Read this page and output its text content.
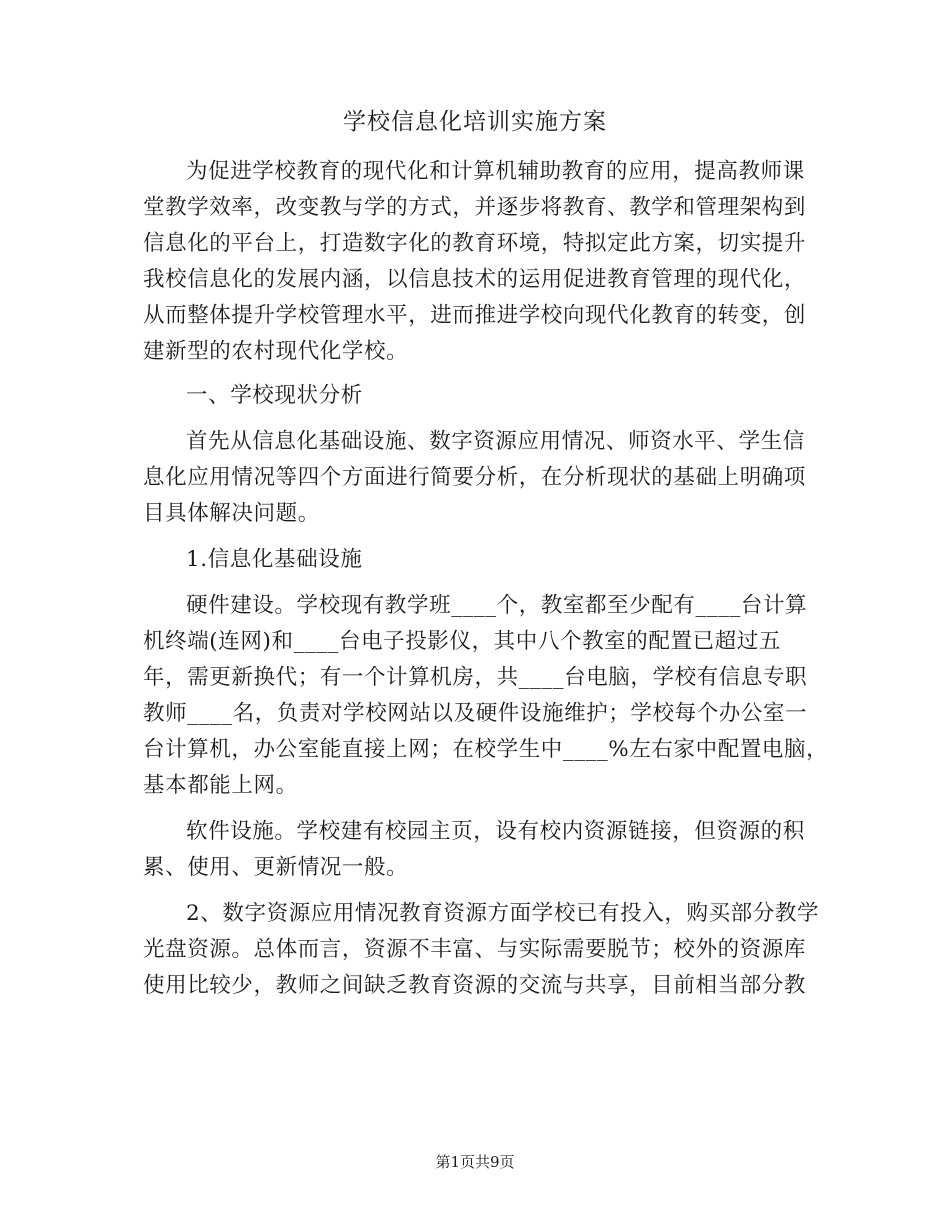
学校信息化培训实施方案

为促进学校教育的现代化和计算机辅助教育的应用，提高教师课

堂教学效率，改变教与学的方式，并逐步将教育、教学和管理架构到

信息化的平台上，打造数字化的教育环境，特拟定此方案，切实提升

我校信息化的发展内涵，以信息技术的运用促进教育管理的现代化，

从而整体提升学校管理水平，进而推进学校向现代化教育的转变，创

建新型的农村现代化学校。

一、学校现状分析

首先从信息化基础设施、数字资源应用情况、师资水平、学生信

息化应用情况等四个方面进行简要分析，在分析现状的基础上明确项

目具体解决问题。

1.信息化基础设施

硬件建设。学校现有教学班____个，教室都至少配有____台计算

机终端(连网)和____台电子投影仪，其中八个教室的配置已超过五

年，需更新换代；有一个计算机房，共____台电脑，学校有信息专职

教师____名，负责对学校网站以及硬件设施维护；学校每个办公室一

台计算机，办公室能直接上网；在校学生中____%左右家中配置电脑，

基本都能上网。

软件设施。学校建有校园主页，设有校内资源链接，但资源的积

累、使用、更新情况一般。

2、数字资源应用情况教育资源方面学校已有投入，购买部分教学

光盘资源。总体而言，资源不丰富、与实际需要脱节；校外的资源库

使用比较少，教师之间缺乏教育资源的交流与共享，目前相当部分教

第1页共9页
